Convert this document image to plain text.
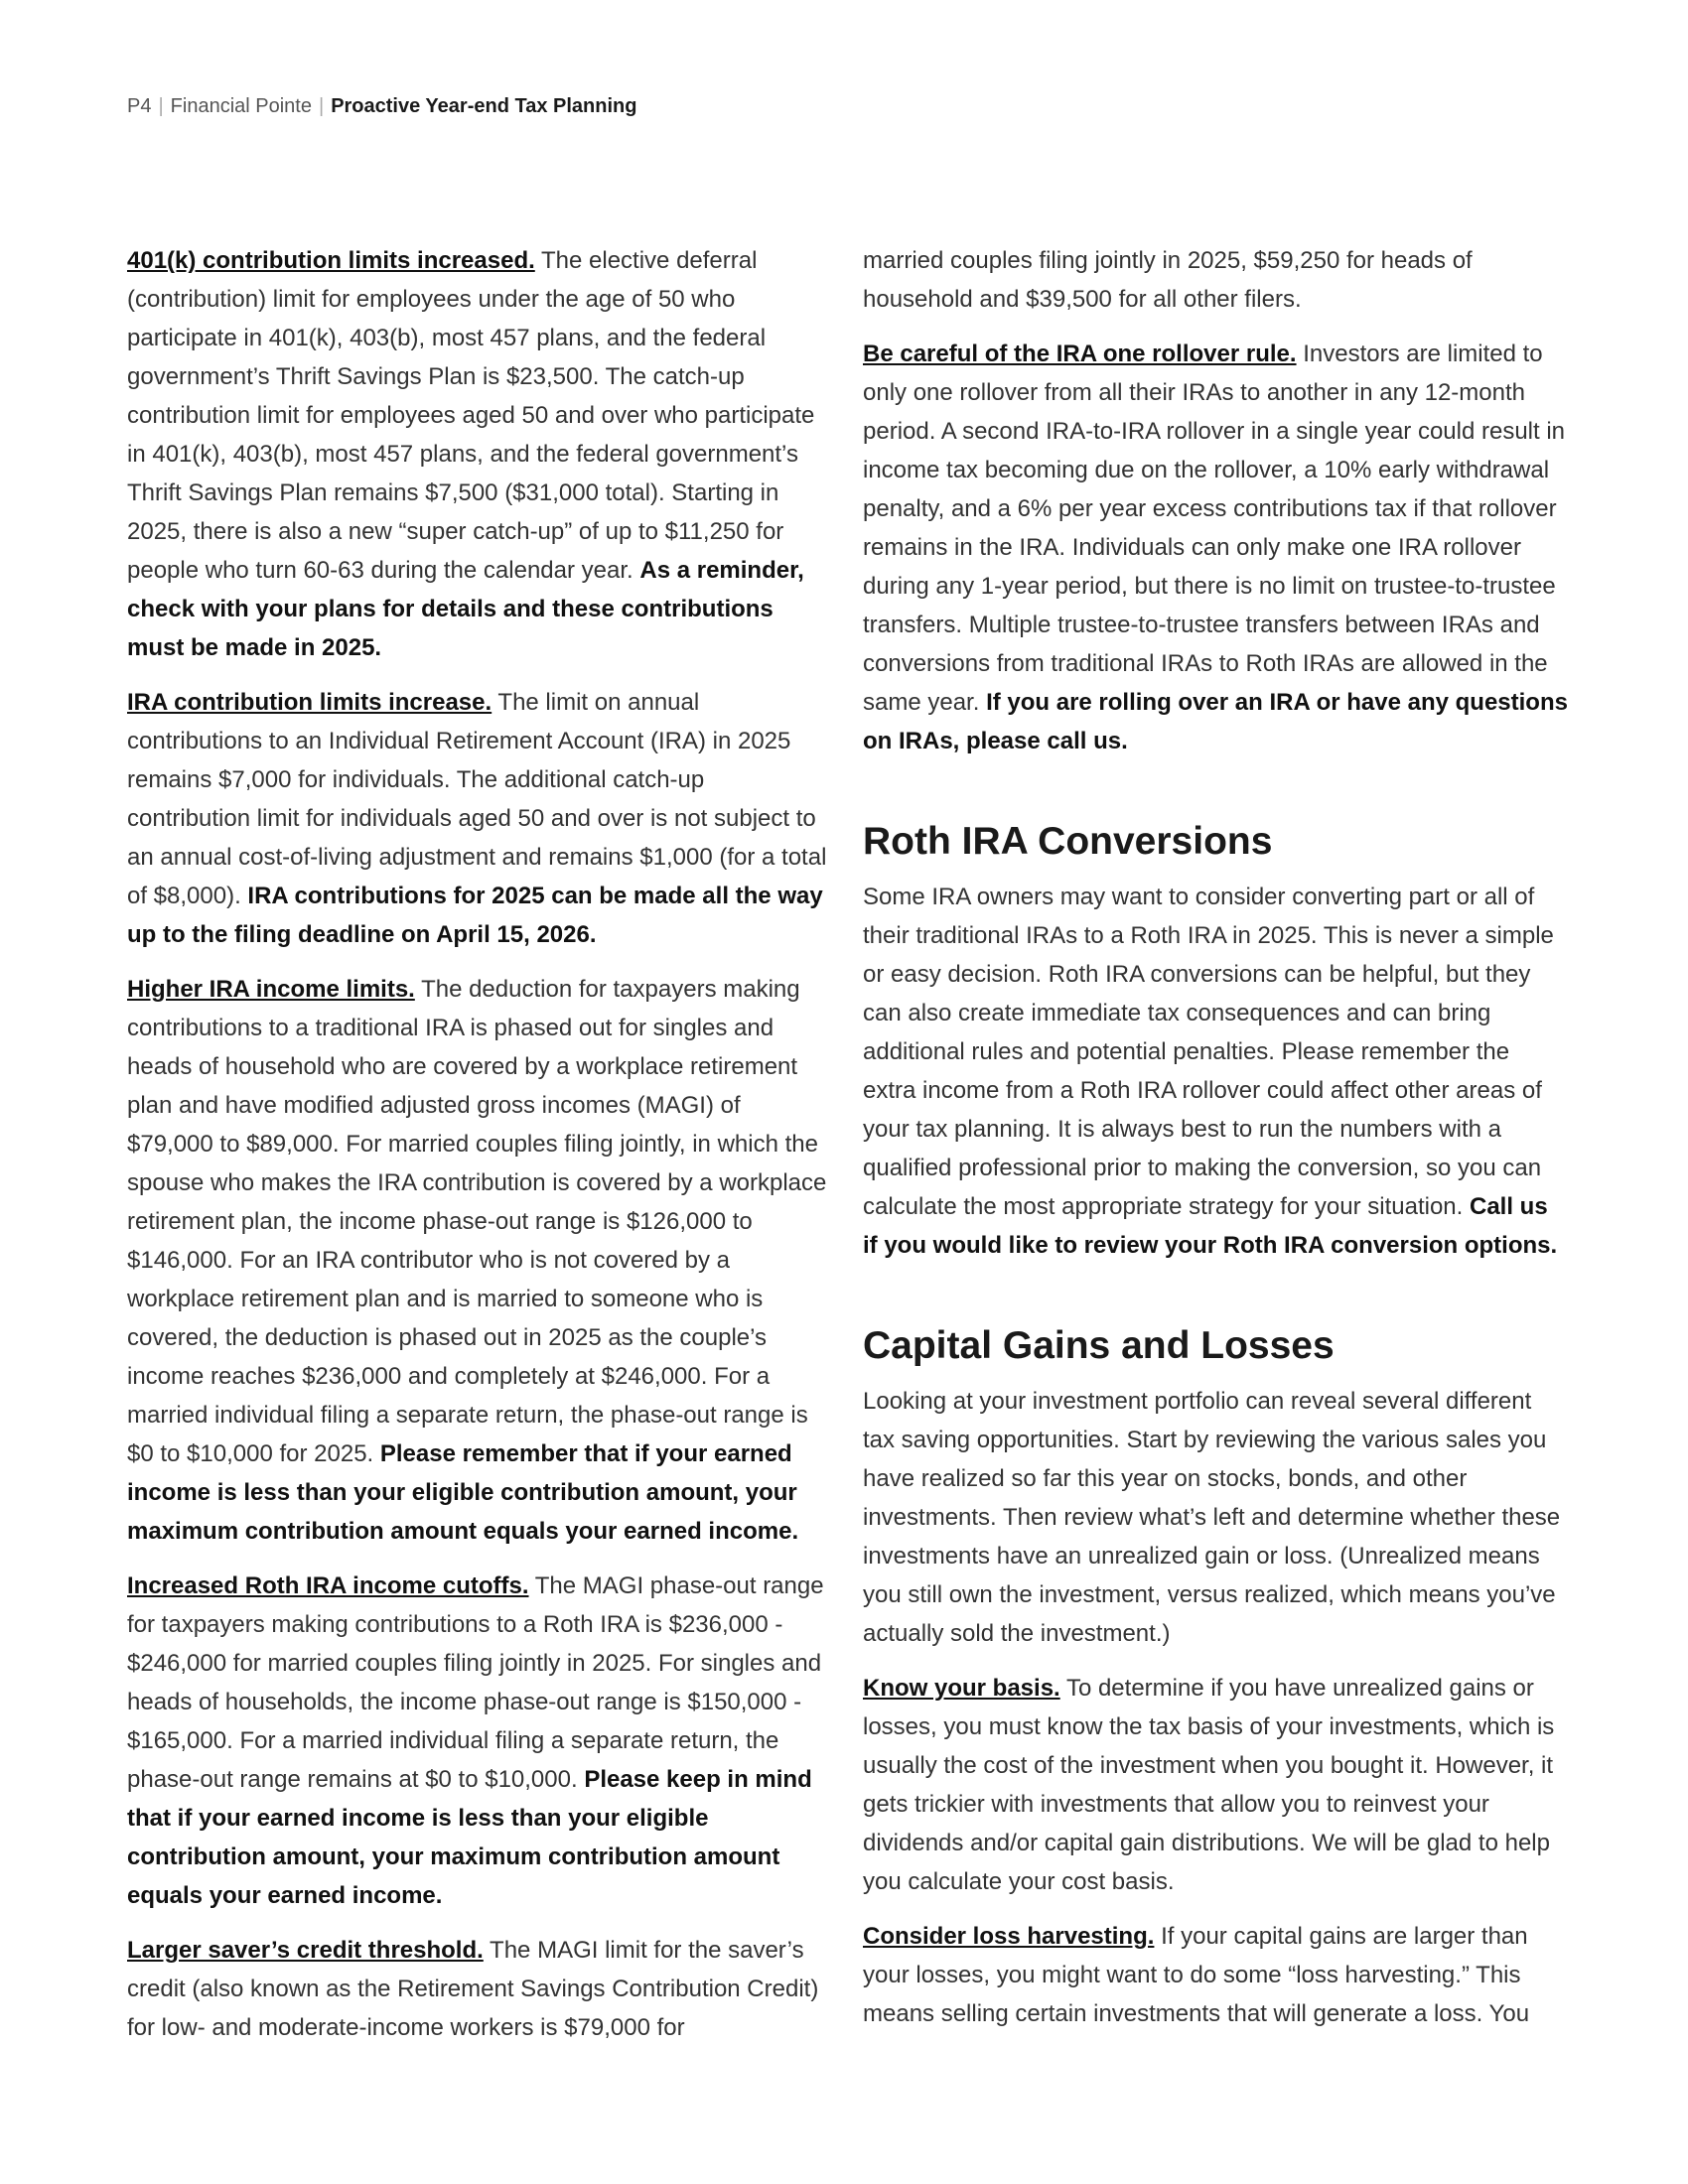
P4 | Financial Pointe | Proactive Year-end Tax Planning

401(k) contribution limits increased. The elective deferral (contribution) limit for employees under the age of 50 who participate in 401(k), 403(b), most 457 plans, and the federal government’s Thrift Savings Plan is $23,500. The catch-up contribution limit for employees aged 50 and over who participate in 401(k), 403(b), most 457 plans, and the federal government’s Thrift Savings Plan remains $7,500 ($31,000 total). Starting in 2025, there is also a new “super catch-up” of up to $11,250 for people who turn 60-63 during the calendar year. As a reminder, check with your plans for details and these contributions must be made in 2025.

IRA contribution limits increase. The limit on annual contributions to an Individual Retirement Account (IRA) in 2025 remains $7,000 for individuals. The additional catch-up contribution limit for individuals aged 50 and over is not subject to an annual cost-of-living adjustment and remains $1,000 (for a total of $8,000). IRA contributions for 2025 can be made all the way up to the filing deadline on April 15, 2026.

Higher IRA income limits. The deduction for taxpayers making contributions to a traditional IRA is phased out for singles and heads of household who are covered by a workplace retirement plan and have modified adjusted gross incomes (MAGI) of $79,000 to $89,000. For married couples filing jointly, in which the spouse who makes the IRA contribution is covered by a workplace retirement plan, the income phase-out range is $126,000 to $146,000. For an IRA contributor who is not covered by a workplace retirement plan and is married to someone who is covered, the deduction is phased out in 2025 as the couple’s income reaches $236,000 and completely at $246,000. For a married individual filing a separate return, the phase-out range is $0 to $10,000 for 2025. Please remember that if your earned income is less than your eligible contribution amount, your maximum contribution amount equals your earned income.

Increased Roth IRA income cutoffs. The MAGI phase-out range for taxpayers making contributions to a Roth IRA is $236,000 - $246,000 for married couples filing jointly in 2025. For singles and heads of households, the income phase-out range is $150,000 - $165,000. For a married individual filing a separate return, the phase-out range remains at $0 to $10,000. Please keep in mind that if your earned income is less than your eligible contribution amount, your maximum contribution amount equals your earned income.

Larger saver’s credit threshold. The MAGI limit for the saver’s credit (also known as the Retirement Savings Contribution Credit) for low- and moderate-income workers is $79,000 for

married couples filing jointly in 2025, $59,250 for heads of household and $39,500 for all other filers.

Be careful of the IRA one rollover rule. Investors are limited to only one rollover from all their IRAs to another in any 12-month period. A second IRA-to-IRA rollover in a single year could result in income tax becoming due on the rollover, a 10% early withdrawal penalty, and a 6% per year excess contributions tax if that rollover remains in the IRA. Individuals can only make one IRA rollover during any 1-year period, but there is no limit on trustee-to-trustee transfers. Multiple trustee-to-trustee transfers between IRAs and conversions from traditional IRAs to Roth IRAs are allowed in the same year. If you are rolling over an IRA or have any questions on IRAs, please call us.

Roth IRA Conversions

Some IRA owners may want to consider converting part or all of their traditional IRAs to a Roth IRA in 2025. This is never a simple or easy decision. Roth IRA conversions can be helpful, but they can also create immediate tax consequences and can bring additional rules and potential penalties. Please remember the extra income from a Roth IRA rollover could affect other areas of your tax planning. It is always best to run the numbers with a qualified professional prior to making the conversion, so you can calculate the most appropriate strategy for your situation. Call us if you would like to review your Roth IRA conversion options.

Capital Gains and Losses

Looking at your investment portfolio can reveal several different tax saving opportunities. Start by reviewing the various sales you have realized so far this year on stocks, bonds, and other investments. Then review what’s left and determine whether these investments have an unrealized gain or loss. (Unrealized means you still own the investment, versus realized, which means you’ve actually sold the investment.)

Know your basis. To determine if you have unrealized gains or losses, you must know the tax basis of your investments, which is usually the cost of the investment when you bought it. However, it gets trickier with investments that allow you to reinvest your dividends and/or capital gain distributions. We will be glad to help you calculate your cost basis.

Consider loss harvesting. If your capital gains are larger than your losses, you might want to do some “loss harvesting.” This means selling certain investments that will generate a loss. You
